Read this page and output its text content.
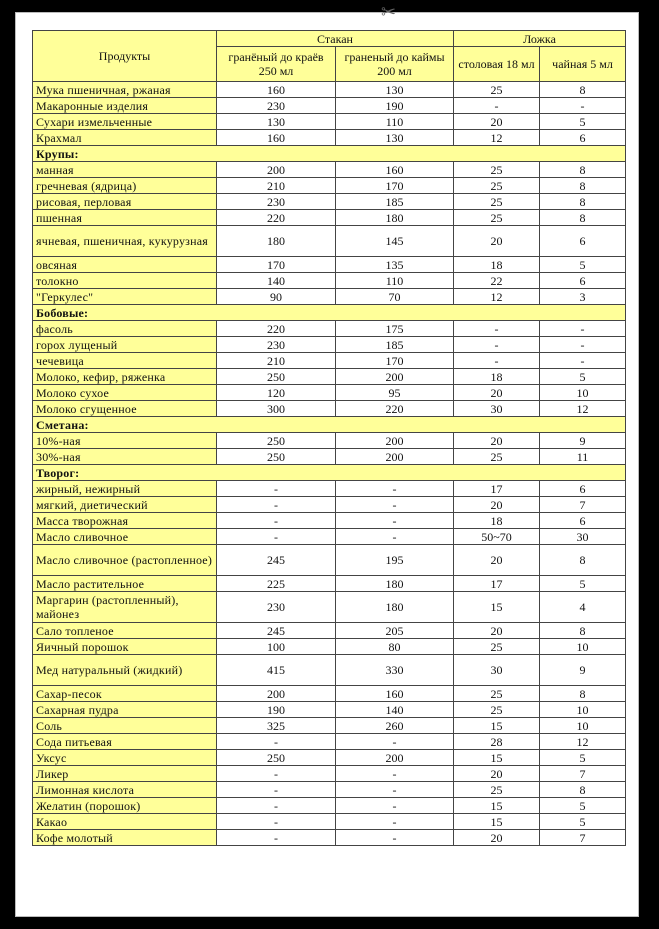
✂
Продукты	Стакан		Ложка	
	гранёный до краёв 250 мл	граненый до каймы 200 мл	столовая 18 мл	чайная 5 мл
Мука пшеничная, ржаная	160	130	25	8
Макаронные изделия	230	190	-	-
Сухари измельченные	130	110	20	5
Крахмал	160	130	12	6
Крупы:				
манная	200	160	25	8
гречневая (ядрица)	210	170	25	8
рисовая, перловая	230	185	25	8
пшенная	220	180	25	8
ячневая, пшеничная, кукурузная	180	145	20	6
овсяная	170	135	18	5
толокно	140	110	22	6
"Геркулес"	90	70	12	3
Бобовые:				
фасоль	220	175	-	-
горох лущеный	230	185	-	-
чечевица	210	170	-	-
Молоко, кефир, ряженка	250	200	18	5
Молоко сухое	120	95	20	10
Молоко сгущенное	300	220	30	12
Сметана:				
10%-ная	250	200	20	9
30%-ная	250	200	25	11
Творог:				
жирный, нежирный	-	-	17	6
мягкий, диетический	-	-	20	7
Масса творожная	-	-	18	6
Масло сливочное	-	-	50~70	30
Масло сливочное (растопленное)	245	195	20	8
Масло растительное	225	180	17	5
Маргарин (растопленный), майонез	230	180	15	4
Сало топленое	245	205	20	8
Яичный порошок	100	80	25	10
Мед натуральный (жидкий)	415	330	30	9
Сахар-песок	200	160	25	8
Сахарная пудра	190	140	25	10
Соль	325	260	15	10
Сода питьевая	-	-	28	12
Уксус	250	200	15	5
Ликер	-	-	20	7
Лимонная кислота	-	-	25	8
Желатин (порошок)	-	-	15	5
Какао	-	-	15	5
Кофе молотый	-	-	20	7
